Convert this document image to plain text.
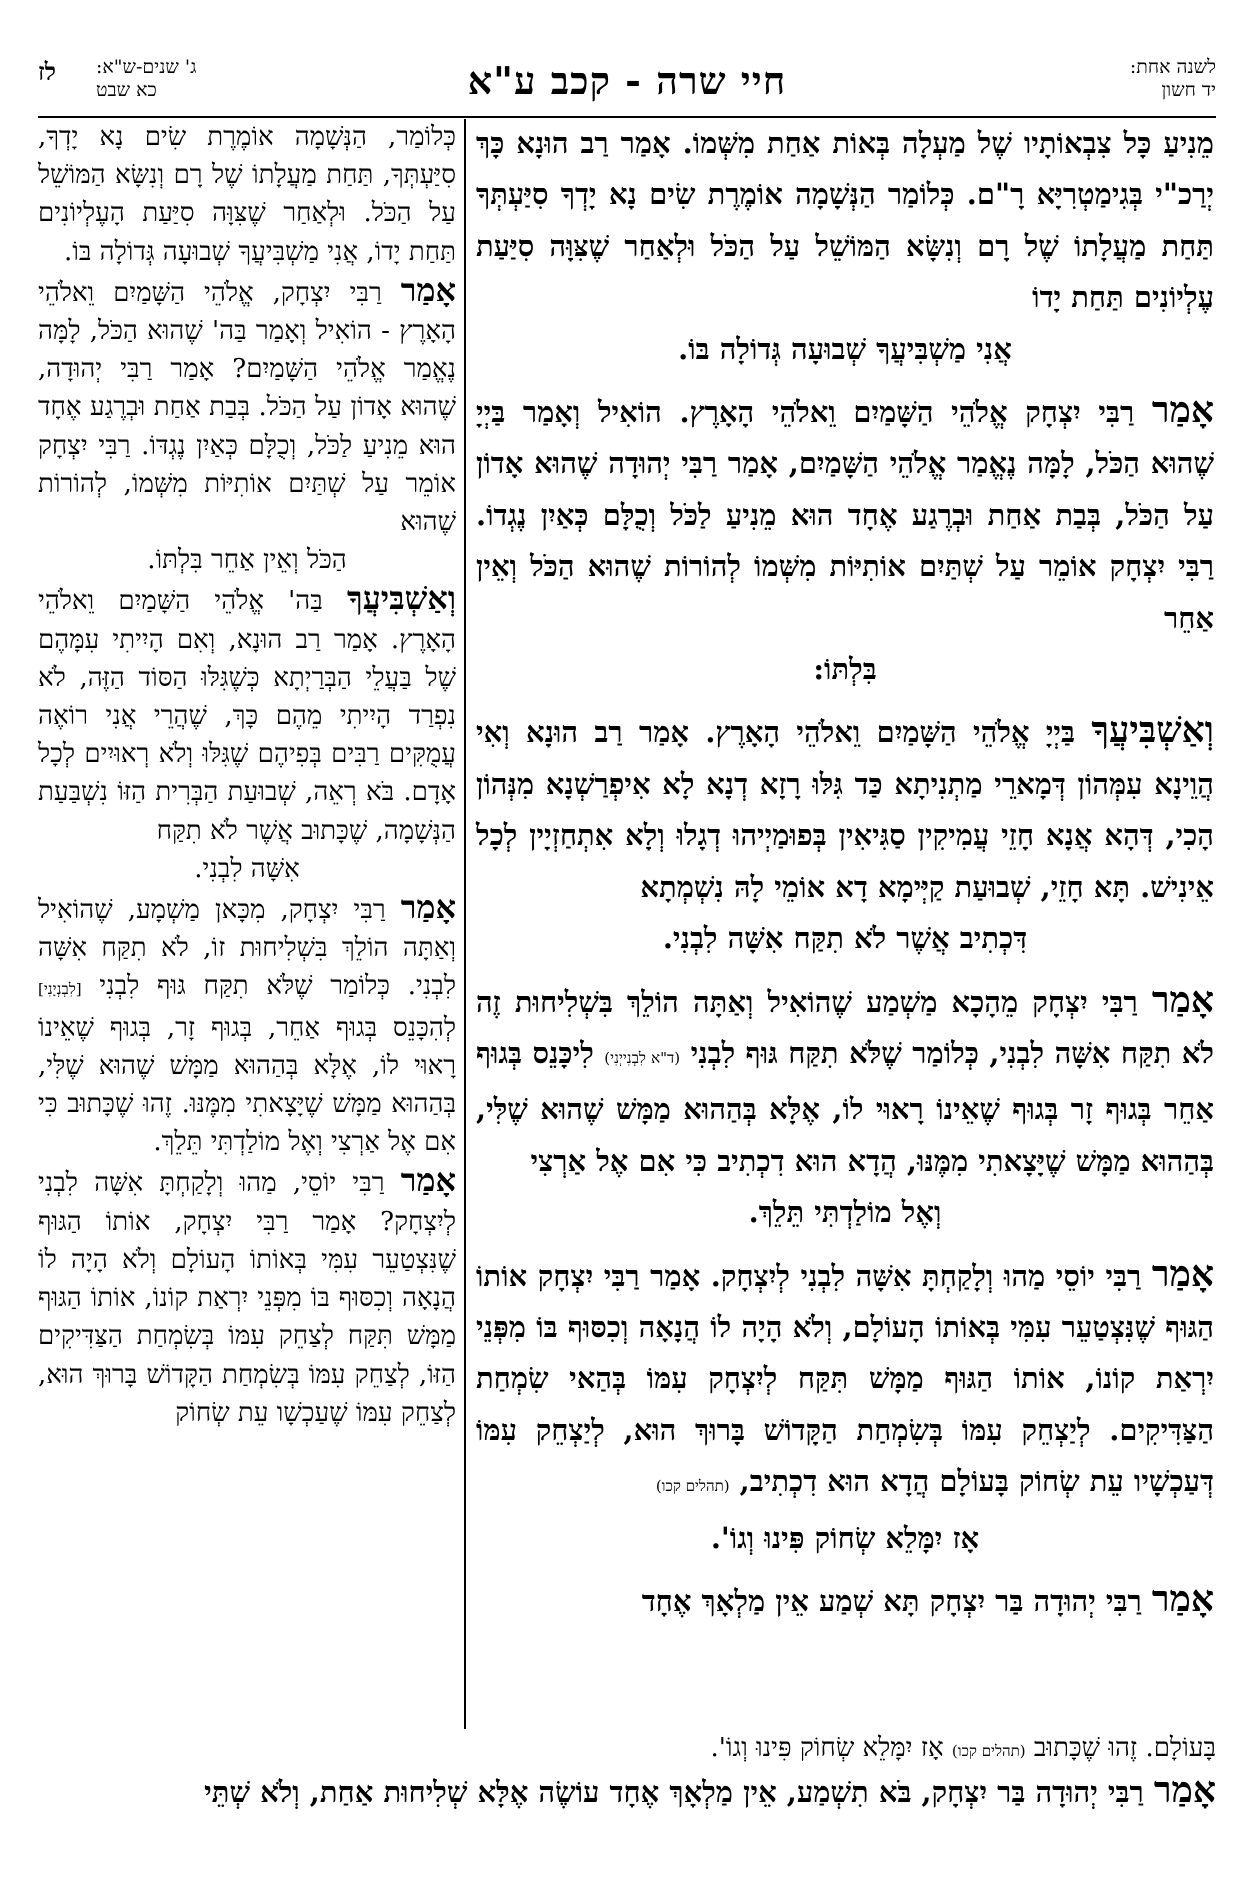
לשנה אחת:
יד חשון
חיי שרה - קכב ע"א
לז ג' שנים-ש"א:
כא שבט

מֵנִיעַ כָּל צִבְאוֹתָיו שֶׁל מַעְלָה בְּאוֹת אַחַת מִשְּׁמוֹ. אָמַר רַב הוּנָא כָּךְ יְרַכ"י בְּגִימַטְרִיָּא רָ"ם. כְּלוֹמַר הַנְּשָׁמָה אוֹמֶרֶת שִׂים נָא יָדְךָ סִיַּעְתְּךָ תַּחַת מַעֲלָתוֹ שֶׁל רָם וְנִשָּׂא הַמּוֹשֵׁל עַל הַכֹּל וּלְאַחַר שֶׁצִּוָּה סִיַּעַת עֶלְיוֹנִים תַּחַת יָדוֹ
אֲנִי מַשְׁבִּיעֲךָ שְׁבוּעָה גְּדוֹלָה בּוֹ.

אָמַר רַבִּי יִצְחָק אֱלֹהֵי הַשָּׁמַיִם וֵאלֹהֵי הָאָרֶץ. הוֹאִיל וְאָמַר בַּיְיָ שֶׁהוּא הַכֹּל, לָמָּה נֶאֱמַר אֱלֹהֵי הַשָּׁמַיִם, אָמַר רַבִּי יְהוּדָה שֶׁהוּא אָדוֹן עַל הַכֹּל, בְּבַת אַחַת וּבְרֶגַע אֶחָד הוּא מֵנִיעַ לַכֹּל וְכֻלָּם כְּאַיִן נֶגְדוֹ. רַבִּי יִצְחָק אוֹמֵר עַל שְׁתַּיִם אוֹתִיּוֹת מִשְּׁמוֹ לְהוֹרוֹת שֶׁהוּא הַכֹּל וְאֵין אַחֵר
בִּלְתּוֹ:

וְאַשְׁבִּיעֲךָ בַּיְיָ אֱלֹהֵי הַשָּׁמַיִם וֵאלֹהֵי הָאָרֶץ. אָמַר רַב הוּנָא וְאִי הֲוֵינָא עִמְּהוֹן דְּמָארֵי מַתְנִיתָא כַּד גִּלּוּ רָזָא דְנָא לָא אִיפְרַשְׁנָא מִנְּהוֹן הָכִי, דְּהָא אֲנָא חָזֵי עֲמִיקִין סַגִּיאִין בְּפוּמַיְיהוּ דְגָלוּ וְלָא אִתְחַזְיָין לְכָל אֵינִישׁ. תָּא חָזֵי, שְׁבוּעַת קַיְּימָא דָא אוֹמֵי לָהּ נִשְׁמְתָא
דִּכְתִיב אֲשֶׁר לֹא תִקַּח אִשָּׁה לִבְנִי.

אָמַר רַבִּי יִצְחָק מֵהָכָא מַשְׁמַע שֶׁהוֹאִיל וְאַתָּה הוֹלֵךְ בִּשְׁלִיחוּת זֶה לֹא תִקַּח אִשָּׁה לִבְנִי, כְּלוֹמַר שֶׁלֹּא תִקַּח גּוּף לִבְנִי (ד"א לִבְנִייְנִי) לִיכָּנֵס בְּגוּף אַחֵר בְּגוּף זָר בְּגוּף שֶׁאֵינוֹ רָאוּי לוֹ, אֶלָּא בְּהַהוּא מַמָּשׁ שֶׁהוּא שֶׁלִּי, בְּהַהוּא מַמָּשׁ שֶׁיָּצָאתִי מִמֶּנּוּ, הֲדָא הוּא דִכְתִיב כִּי אִם אֶל אַרְצִי
וְאֶל מוֹלַדְתִּי תֵּלֵךְ.

אָמַר רַבִּי יוֹסֵי מַהוּ וְלָקַחְתָּ אִשָּׁה לִבְנִי לְיִצְחָק. אָמַר רַבִּי יִצְחָק אוֹתוֹ הַגּוּף שֶׁנִּצְטַעֵר עִמִּי בְּאוֹתוֹ הָעוֹלָם, וְלֹא הָיָה לוֹ הֲנָאָה וְכִסּוּף בּוֹ מִפְּנֵי יִרְאַת קוֹנוֹ, אוֹתוֹ הַגּוּף מַמָּשׁ תִּקַּח לְיִצְחָק עִמּוֹ בְּהַאי שִׂמְחַת הַצַּדִּיקִים. לְיַצְחֵק עִמּוֹ בְּשִׂמְחַת הַקָּדוֹשׁ בָּרוּךְ הוּא, לְיַצְחֵק עִמּוֹ דְּעַכְשָׁיו עֵת שְׂחוֹק בָּעוֹלָם הֲדָא הוּא דִכְתִיב, (תהלים קכו)
אָז יִמָּלֵא שְׂחוֹק פִּינוּ וְגוֹ'.

אָמַר רַבִּי יְהוּדָה בַּר יִצְחָק תָּא שְׁמַע אֵין מַלְאָךְ אֶחָד

כְּלוֹמַר, הַנְּשָׁמָה אוֹמֶרֶת שִׂים נָא יָדְךָ, סִיַּעְתְּךָ, תַּחַת מַעֲלָתוֹ שֶׁל רָם וְנִשָּׂא הַמּוֹשֵׁל עַל הַכֹּל. וּלְאַחַר שֶׁצִּוָּה סִיַּעַת הָעֶלְיוֹנִים תַּחַת יָדוֹ, אֲנִי מַשְׁבִּיעֲךָ שְׁבוּעָה גְּדוֹלָה בּוֹ.

אָמַר רַבִּי יִצְחָק, אֱלֹהֵי הַשָּׁמַיִם וֵאלֹהֵי הָאָרֶץ - הוֹאִיל וְאָמַר בַּה' שֶׁהוּא הַכֹּל, לָמָּה נֶאֱמַר אֱלֹהֵי הַשָּׁמַיִם? אָמַר רַבִּי יְהוּדָה, שֶׁהוּא אָדוֹן עַל הַכֹּל. בְּבַת אַחַת וּבְרֶגַע אֶחָד הוּא מֵנִיעַ לַכֹּל, וְכֻלָּם כְּאַיִן נֶגְדּוֹ. רַבִּי יִצְחָק אוֹמֵר עַל שְׁתַּיִם אוֹתִיּוֹת מִשְּׁמוֹ, לְהוֹרוֹת שֶׁהוּא
הַכֹּל וְאֵין אַחֵר בִּלְתּוֹ.

וְאַשְׁבִּיעֲךָ בַּה' אֱלֹהֵי הַשָּׁמַיִם וֵאלֹהֵי הָאָרֶץ. אָמַר רַב הוּנָא, וְאִם הָיִיתִי עִמָּהֶם שֶׁל בַּעֲלֵי הַבְּרַיְתָא כְּשֶׁגִּלּוּ הַסּוֹד הַזֶּה, לֹא נִפְרַד הָיִיתִי מֵהֶם כָּךְ, שֶׁהֲרֵי אֲנִי רוֹאֶה עֲמֻקִּים רַבִּים בְּפִיהֶם שֶׁגִּלּוּ וְלֹא רְאוּיִים לְכָל אָדָם. בֹּא רְאֵה, שְׁבוּעַת הַבְּרִית הַזּוֹ נִשְׁבַּעַת הַנְּשָׁמָה, שֶׁכָּתוּב אֲשֶׁר לֹא תִקַּח
אִשָּׁה לִבְנִי.

אָמַר רַבִּי יִצְחָק, מִכָּאן מַשְׁמָע, שֶׁהוֹאִיל וְאַתָּה הוֹלֵךְ בִּשְׁלִיחוּת זוֹ, לֹא תִקַּח אִשָּׁה לִבְנִי. כְּלוֹמַר שֶׁלֹּא תִקַּח גּוּף לִבְנִי [לִבְנְיָנִי] לְהִכָּנֵס בְּגוּף אַחֵר, בְּגוּף זָר, בְּגוּף שֶׁאֵינוֹ רָאוּי לוֹ, אֶלָּא בְּהַהוּא מַמָּשׁ שֶׁהוּא שֶׁלִּי, בְּהַהוּא מַמָּשׁ שֶׁיָּצָאתִי מִמֶּנּוּ. זֶהוּ שֶׁכָּתוּב כִּי אִם אֶל אַרְצִי וְאֶל מוֹלַדְתִּי תֵּלֵךְ.

אָמַר רַבִּי יוֹסֵי, מַהוּ וְלָקַחְתָּ אִשָּׁה לִבְנִי לְיִצְחָק? אָמַר רַבִּי יִצְחָק, אוֹתוֹ הַגּוּף שֶׁנִּצְטַעֵר עִמִּי בְּאוֹתוֹ הָעוֹלָם וְלֹא הָיָה לוֹ הֲנָאָה וְכִסּוּף בּוֹ מִפְּנֵי יִרְאַת קוֹנוֹ, אוֹתוֹ הַגּוּף מַמָּשׁ תִּקַּח לְצַחֵק עִמּוֹ בְּשִׂמְחַת הַצַּדִּיקִים הַזּוֹ, לְצַחֵק עִמּוֹ בְּשִׂמְחַת הַקָּדוֹשׁ בָּרוּךְ הוּא, לְצַחֵק עִמּוֹ שֶׁעַכְשָׁו עֵת שְׂחוֹק

בָּעוֹלָם. זֶהוּ שֶׁכָּתוּב (תהלים קכו) אָז יִמָּלֵא שְׂחוֹק פִּינוּ וְגוֹ'.
אָמַר רַבִּי יְהוּדָה בַּר יִצְחָק, בֹּא תִשְׁמַע, אֵין מַלְאָךְ אֶחָד עוֹשֶׂה אֶלָּא שְׁלִיחוּת אַחַת, וְלֹא שְׁתֵּי
